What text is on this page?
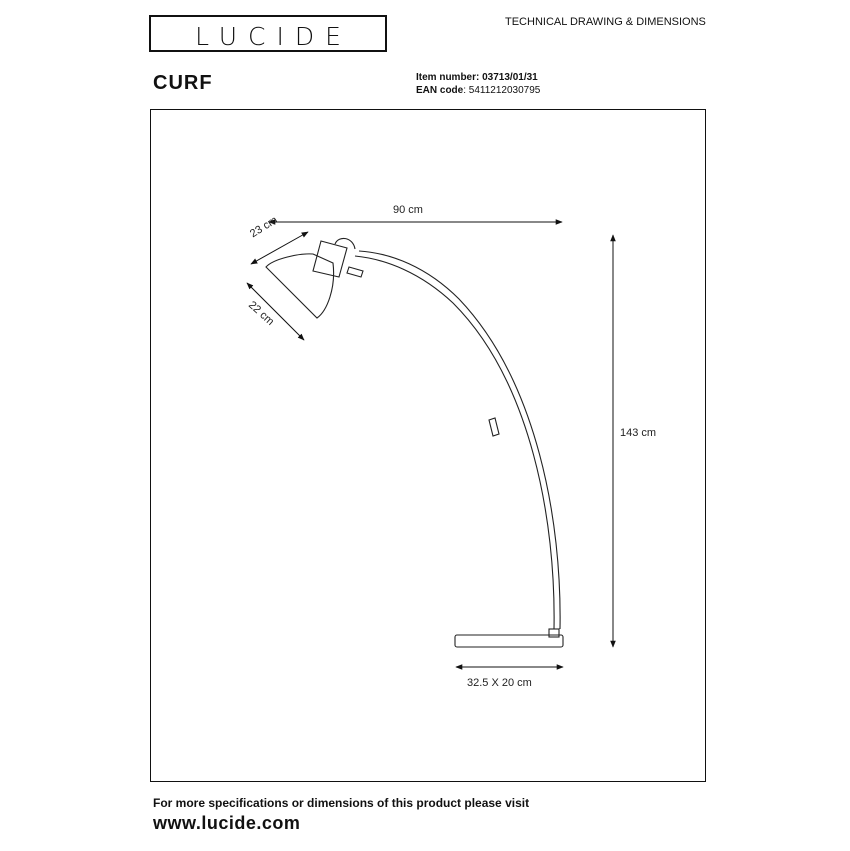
LUCIDE	TECHNICAL DRAWING & DIMENSIONS
CURF	Item number: 03713/01/31
EAN code: 5411212030795
90 cm
23 cm
22 cm
143 cm
32.5 X 20 cm
For more specifications or dimensions of this product please visit
www.lucide.com
